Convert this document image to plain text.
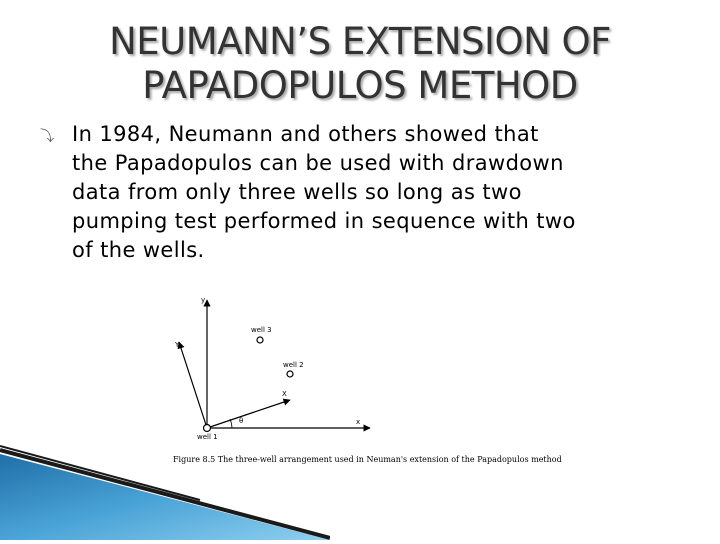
NEUMANN’S EXTENSION OF
PAPADOPULOS METHOD
⤵ In 1984, Neumann and others showed that
the Papadopulos can be used with drawdown
data from only three wells so long as two
pumping test performed in sequence with two
of the wells.
y
x
Y
X
θ
well 1
well 2
well 3
Figure 8.5 The three-well arrangement used in Neuman's extension of the Papadopulos method
